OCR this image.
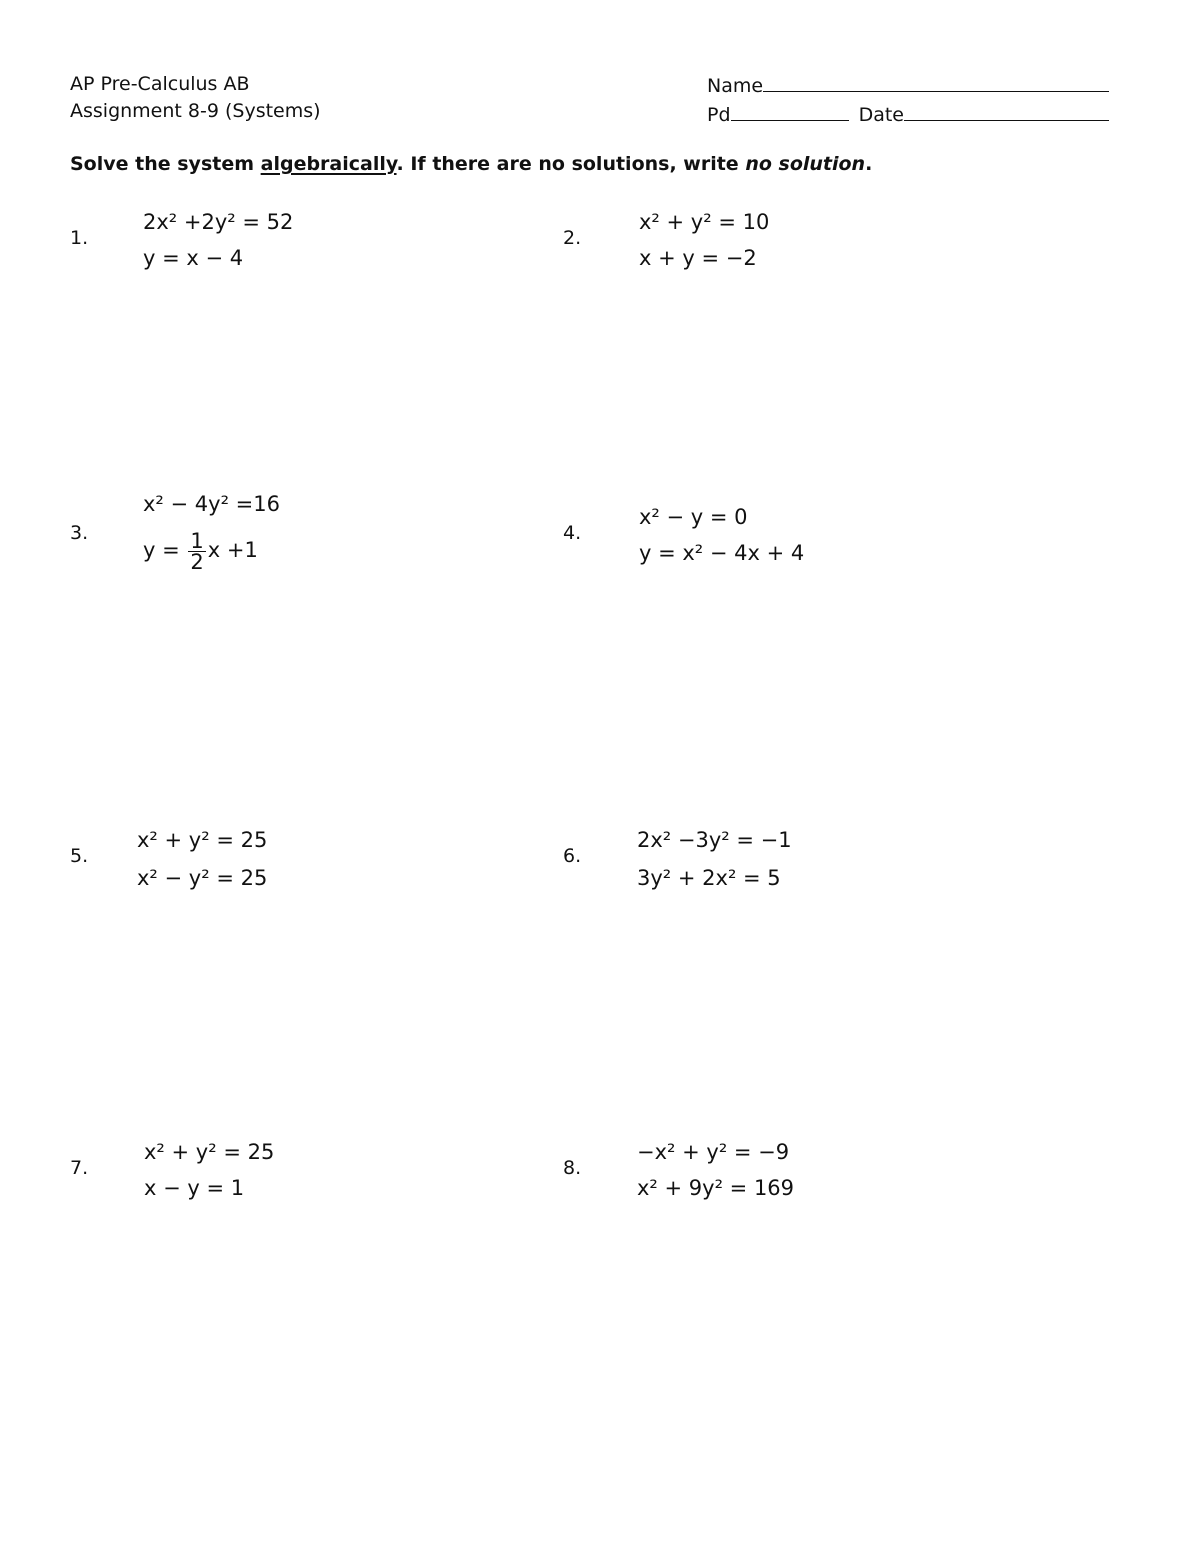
AP Pre-Calculus AB
Assignment 8-9 (Systems)
Name
Pd	Date
Solve the system algebraically. If there are no solutions, write no solution.
1.
2x² +2y² = 52
y = x − 4
2.
x² + y² = 10
x + y = −2
3.
x² − 4y² =16
$y = \frac{1}{2}$ x +1
4.
x² − y = 0
y = x² − 4x + 4
5.
x² + y² = 25
x² − y² = 25
6.
2x² −3y² = −1
3y² + 2x² = 5
7.
x² + y² = 25
x − y = 1
8.
−x² + y² = −9
x² + 9y² = 169
